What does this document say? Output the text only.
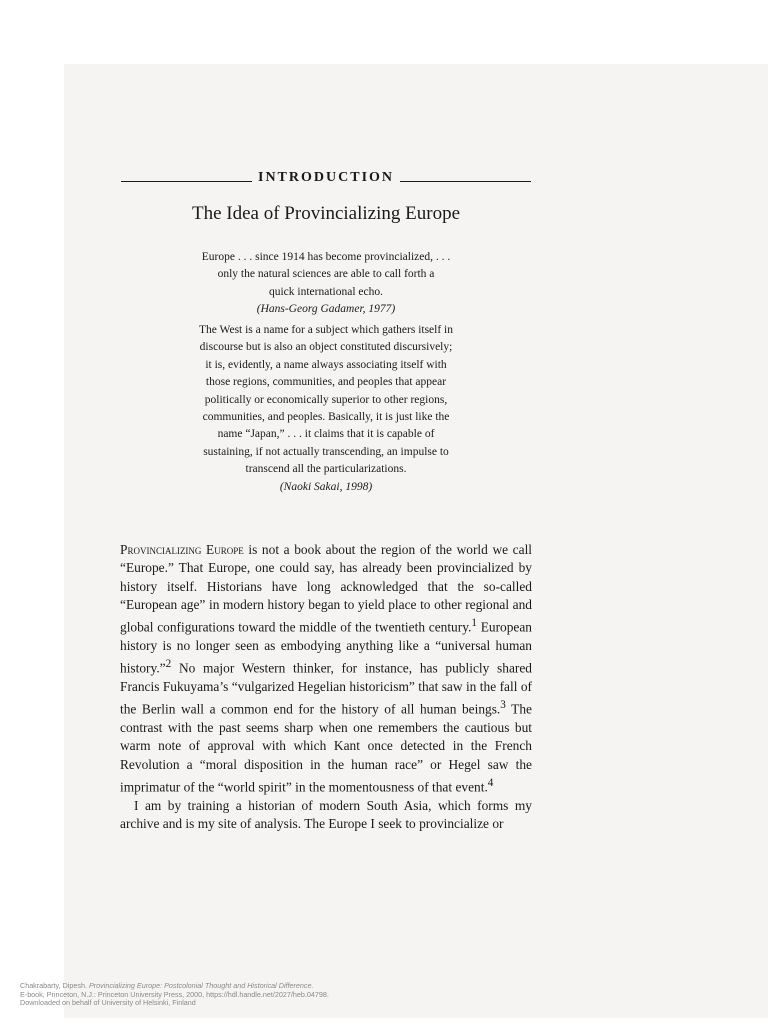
INTRODUCTION
The Idea of Provincializing Europe
Europe . . . since 1914 has become provincialized, . . .
only the natural sciences are able to call forth a
quick international echo.
(Hans-Georg Gadamer, 1977)
The West is a name for a subject which gathers itself in
discourse but is also an object constituted discursively;
it is, evidently, a name always associating itself with
those regions, communities, and peoples that appear
politically or economically superior to other regions,
communities, and peoples. Basically, it is just like the
name “Japan,” . . . it claims that it is capable of
sustaining, if not actually transcending, an impulse to
transcend all the particularizations.
(Naoki Sakai, 1998)

Provincializing Europe is not a book about the region of the world we call “Europe.” That Europe, one could say, has already been provincialized by history itself. Historians have long acknowledged that the so-called “European age” in modern history began to yield place to other regional and global configurations toward the middle of the twentieth century.$^1$ European history is no longer seen as embodying anything like a “universal human history.”$^2$ No major Western thinker, for instance, has publicly shared Francis Fukuyama’s “vulgarized Hegelian historicism” that saw in the fall of the Berlin wall a common end for the history of all human beings.$^3$ The contrast with the past seems sharp when one remembers the cautious but warm note of approval with which Kant once detected in the French Revolution a “moral disposition in the human race” or Hegel saw the imprimatur of the “world spirit” in the momentousness of that event.$^4$

I am by training a historian of modern South Asia, which forms my archive and is my site of analysis. The Europe I seek to provincialize or

Chakrabarty, Dipesh. Provincializing Europe: Postcolonial Thought and Historical Difference.
E-book, Princeton, N.J.: Princeton University Press, 2000, https://hdl.handle.net/2027/heb.04798.
Downloaded on behalf of University of Helsinki, Finland
